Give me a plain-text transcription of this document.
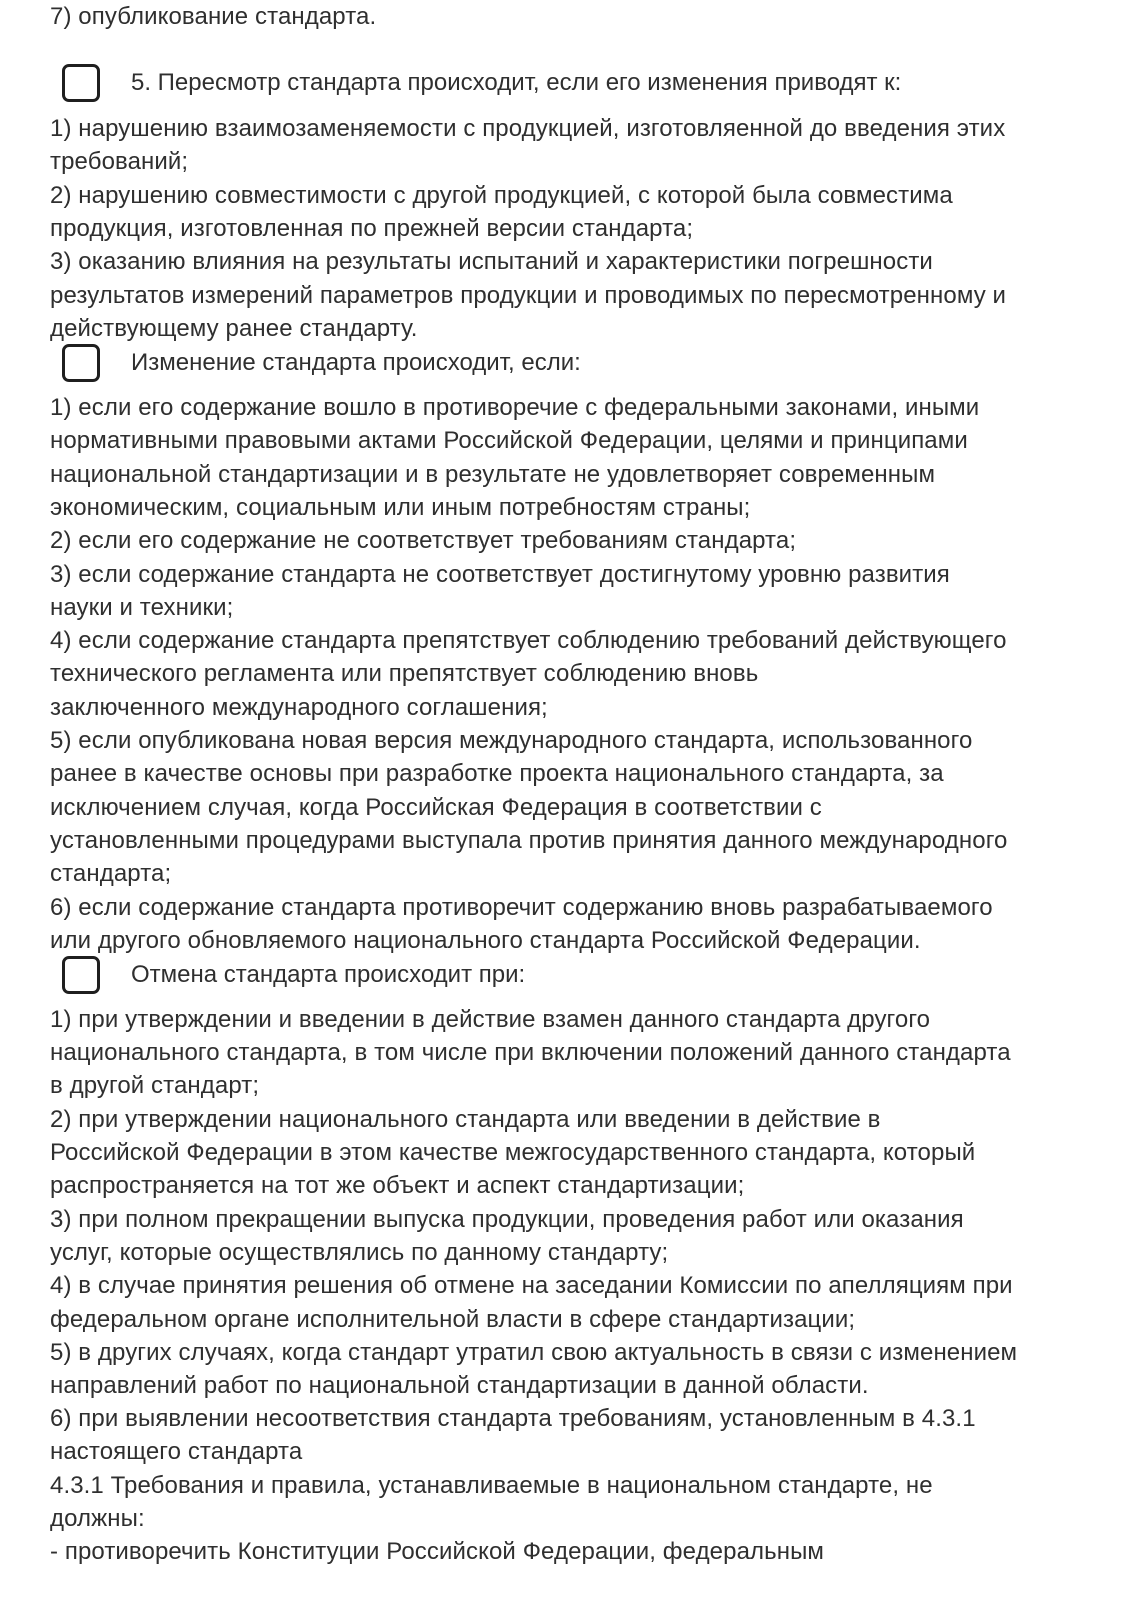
7) опубликование стандарта.
5. Пересмотр стандарта происходит, если его изменения приводят к:
1) нарушению взаимозаменяемости с продукцией, изготовляенной до введения этих
требований;
2) нарушению совместимости с другой продукцией, с которой была совместима
продукция, изготовленная по прежней версии стандарта;
3) оказанию влияния на результаты испытаний и характеристики погрешности
результатов измерений параметров продукции и проводимых по пересмотренному и
действующему ранее стандарту.
Изменение стандарта происходит, если:
1) если его содержание вошло в противоречие с федеральными законами, иными
нормативными правовыми актами Российской Федерации, целями и принципами
национальной стандартизации и в результате не удовлетворяет современным
экономическим, социальным или иным потребностям страны;
2) если его содержание не соответствует требованиям стандарта;
3) если содержание стандарта не соответствует достигнутому уровню развития
науки и техники;
4) если содержание стандарта препятствует соблюдению требований действующего
технического регламента или препятствует соблюдению вновь
заключенного международного соглашения;
5) если опубликована новая версия международного стандарта, использованного
ранее в качестве основы при разработке проекта национального стандарта, за
исключением случая, когда Российская Федерация в соответствии с
установленными процедурами выступала против принятия данного международного
стандарта;
6) если содержание стандарта противоречит содержанию вновь разрабатываемого
или другого обновляемого национального стандарта Российской Федерации.
Отмена стандарта происходит при:
1) при утверждении и введении в действие взамен данного стандарта другого
национального стандарта, в том числе при включении положений данного стандарта
в другой стандарт;
2) при утверждении национального стандарта или введении в действие в
Российской Федерации в этом качестве межгосударственного стандарта, который
распространяется на тот же объект и аспект стандартизации;
3) при полном прекращении выпуска продукции, проведения работ или оказания
услуг, которые осуществлялись по данному стандарту;
4) в случае принятия решения об отмене на заседании Комиссии по апелляциям при
федеральном органе исполнительной власти в сфере стандартизации;
5) в других случаях, когда стандарт утратил свою актуальность в связи с изменением
направлений работ по национальной стандартизации в данной области.
6) при выявлении несоответствия стандарта требованиям, установленным в 4.3.1
настоящего стандарта
4.3.1 Требования и правила, устанавливаемые в национальном стандарте, не
должны:
- противоречить Конституции Российской Федерации, федеральным
